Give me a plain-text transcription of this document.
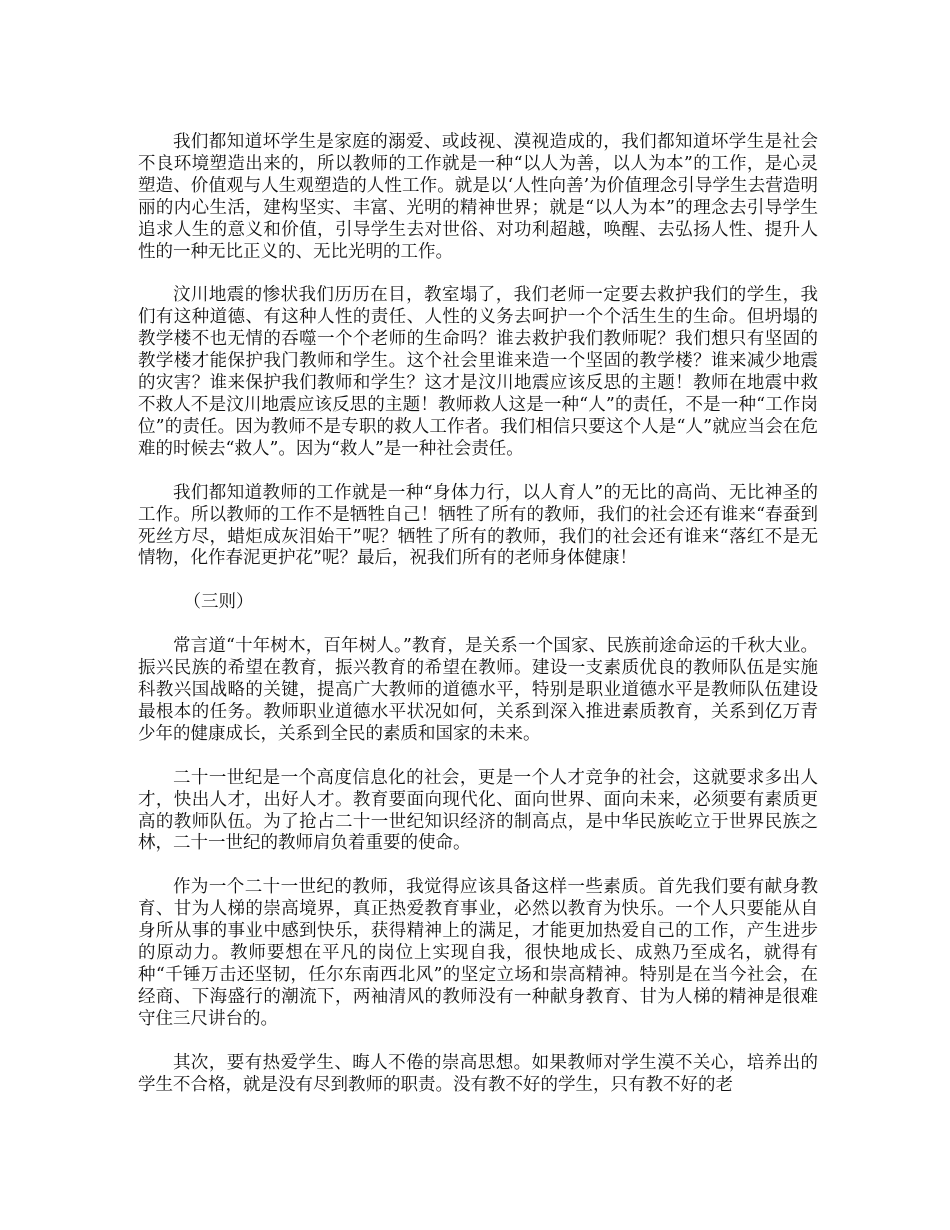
我们都知道坏学生是家庭的溺爱、或歧视、漠视造成的，我们都知道坏学生是社会不良环境塑造出来的，所以教师的工作就是一种“以人为善，以人为本”的工作，是心灵塑造、价值观与人生观塑造的人性工作。就是以‘人性向善’为价值理念引导学生去营造明丽的内心生活，建构坚实、丰富、光明的精神世界；就是“以人为本”的理念去引导学生追求人生的意义和价值，引导学生去对世俗、对功利超越，唤醒、去弘扬人性、提升人性的一种无比正义的、无比光明的工作。

汶川地震的惨状我们历历在目，教室塌了，我们老师一定要去救护我们的学生，我们有这种道德、有这种人性的责任、人性的义务去呵护一个个活生生的生命。但坍塌的教学楼不也无情的吞噬一个个老师的生命吗？谁去救护我们教师呢？我们想只有坚固的教学楼才能保护我门教师和学生。这个社会里谁来造一个坚固的教学楼？谁来减少地震的灾害？谁来保护我们教师和学生？这才是汶川地震应该反思的主题！教师在地震中救不救人不是汶川地震应该反思的主题！教师救人这是一种“人”的责任，不是一种“工作岗位”的责任。因为教师不是专职的救人工作者。我们相信只要这个人是“人”就应当会在危难的时候去“救人”。因为“救人”是一种社会责任。

我们都知道教师的工作就是一种“身体力行，以人育人”的无比的高尚、无比神圣的工作。所以教师的工作不是牺牲自己！牺牲了所有的教师，我们的社会还有谁来“春蚕到死丝方尽，蜡炬成灰泪始干”呢？牺牲了所有的教师，我们的社会还有谁来“落红不是无情物，化作春泥更护花”呢？最后，祝我们所有的老师身体健康！

（三则）

常言道“十年树木，百年树人。”教育，是关系一个国家、民族前途命运的千秋大业。振兴民族的希望在教育，振兴教育的希望在教师。建设一支素质优良的教师队伍是实施科教兴国战略的关键，提高广大教师的道德水平，特别是职业道德水平是教师队伍建设最根本的任务。教师职业道德水平状况如何，关系到深入推进素质教育，关系到亿万青少年的健康成长，关系到全民的素质和国家的未来。

二十一世纪是一个高度信息化的社会，更是一个人才竞争的社会，这就要求多出人才，快出人才，出好人才。教育要面向现代化、面向世界、面向未来，必须要有素质更高的教师队伍。为了抢占二十一世纪知识经济的制高点，是中华民族屹立于世界民族之林，二十一世纪的教师肩负着重要的使命。

作为一个二十一世纪的教师，我觉得应该具备这样一些素质。首先我们要有献身教育、甘为人梯的崇高境界，真正热爱教育事业，必然以教育为快乐。一个人只要能从自身所从事的事业中感到快乐，获得精神上的满足，才能更加热爱自己的工作，产生进步的原动力。教师要想在平凡的岗位上实现自我，很快地成长、成熟乃至成名，就得有种“千锤万击还坚韧，任尔东南西北风”的坚定立场和崇高精神。特别是在当今社会，在经商、下海盛行的潮流下，两袖清风的教师没有一种献身教育、甘为人梯的精神是很难守住三尺讲台的。

其次，要有热爱学生、晦人不倦的崇高思想。如果教师对学生漠不关心，培养出的学生不合格，就是没有尽到教师的职责。没有教不好的学生，只有教不好的老
